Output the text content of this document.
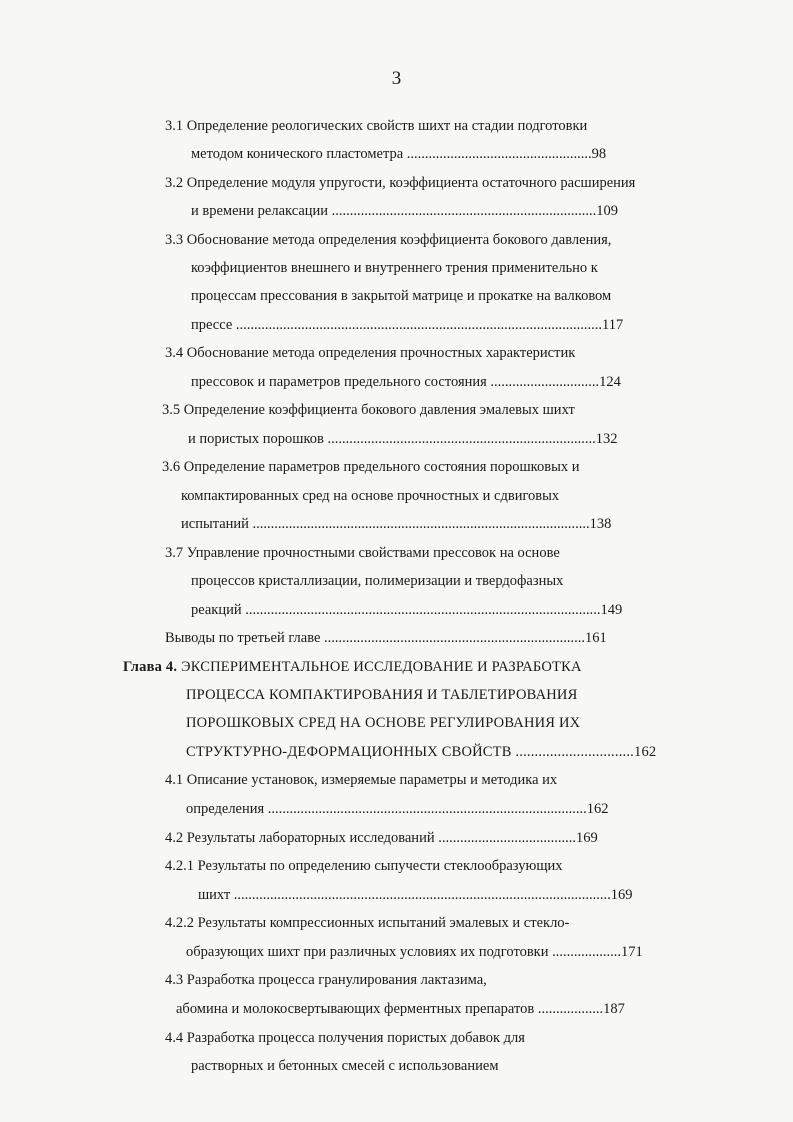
3
3.1 Определение реологических свойств шихт на стадии подготовки
методом конического пластометра ...................................................98
3.2 Определение модуля упругости, коэффициента остаточного расширения
и времени релаксации .........................................................................109
3.3 Обоснование метода определения коэффициента бокового давления,
коэффициентов внешнего и внутреннего трения применительно к
процессам прессования в закрытой матрице и прокатке на валковом
прессе .....................................................................................................117
3.4 Обоснование метода определения прочностных характеристик
прессовок и параметров предельного состояния ..............................124
3.5 Определение коэффициента бокового давления эмалевых шихт
и пористых порошков ..........................................................................132
3.6 Определение параметров предельного состояния порошковых и
компактированных сред на основе прочностных и сдвиговых
испытаний .............................................................................................138
3.7 Управление прочностными свойствами прессовок на основе
процессов кристаллизации, полимеризации и твердофазных
реакций ..................................................................................................149
Выводы по третьей главе ........................................................................161
Глава 4. ЭКСПЕРИМЕНТАЛЬНОЕ ИССЛЕДОВАНИЕ И РАЗРАБОТКА
ПРОЦЕССА КОМПАКТИРОВАНИЯ И ТАБЛЕТИРОВАНИЯ
ПОРОШКОВЫХ СРЕД НА ОСНОВЕ РЕГУЛИРОВАНИЯ ИХ
СТРУКТУРНО-ДЕФОРМАЦИОННЫХ СВОЙСТВ ...............................162
4.1 Описание установок, измеряемые параметры и методика их
определения ........................................................................................162
4.2 Результаты лабораторных исследований ......................................169
4.2.1 Результаты по определению сыпучести стеклообразующих
шихт ........................................................................................................169
4.2.2 Результаты компрессионных испытаний эмалевых и стекло-
образующих шихт при различных условиях их подготовки ...................171
4.3 Разработка процесса гранулирования лактазима,
абомина и молокосвертывающих ферментных препаратов ..................187
4.4 Разработка процесса получения пористых добавок для
растворных и бетонных смесей с использованием
